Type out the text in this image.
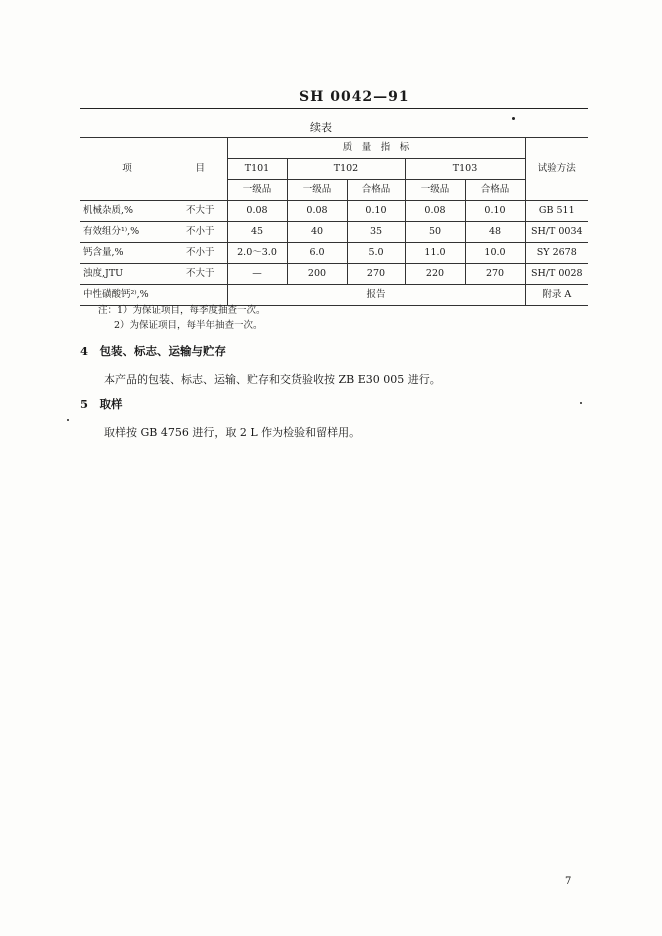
SH 0042—91
续表
项	目	质　量　指　标					试验方法
		T101	T102		T103		
		一级品	一级品	合格品	一级品	合格品	
机械杂质,%	不大于	0.08	0.08	0.10	0.08	0.10	GB 511
有效组分¹⁾,%	不小于	45	40	35	50	48	SH/T 0034
钙含量,%	不小于	2.0～3.0	6.0	5.0	11.0	10.0	SY 2678
浊度,JTU	不大于	—	200	270	220	270	SH/T 0028
中性磺酸钙²⁾,%		报告					附录 A
注：1）为保证项目，每季度抽查一次。
2）为保证项目，每半年抽查一次。
4　包装、标志、运输与贮存
本产品的包装、标志、运输、贮存和交货验收按 ZB E30 005 进行。
5　取样
取样按 GB 4756 进行，取 2 L 作为检验和留样用。
7
